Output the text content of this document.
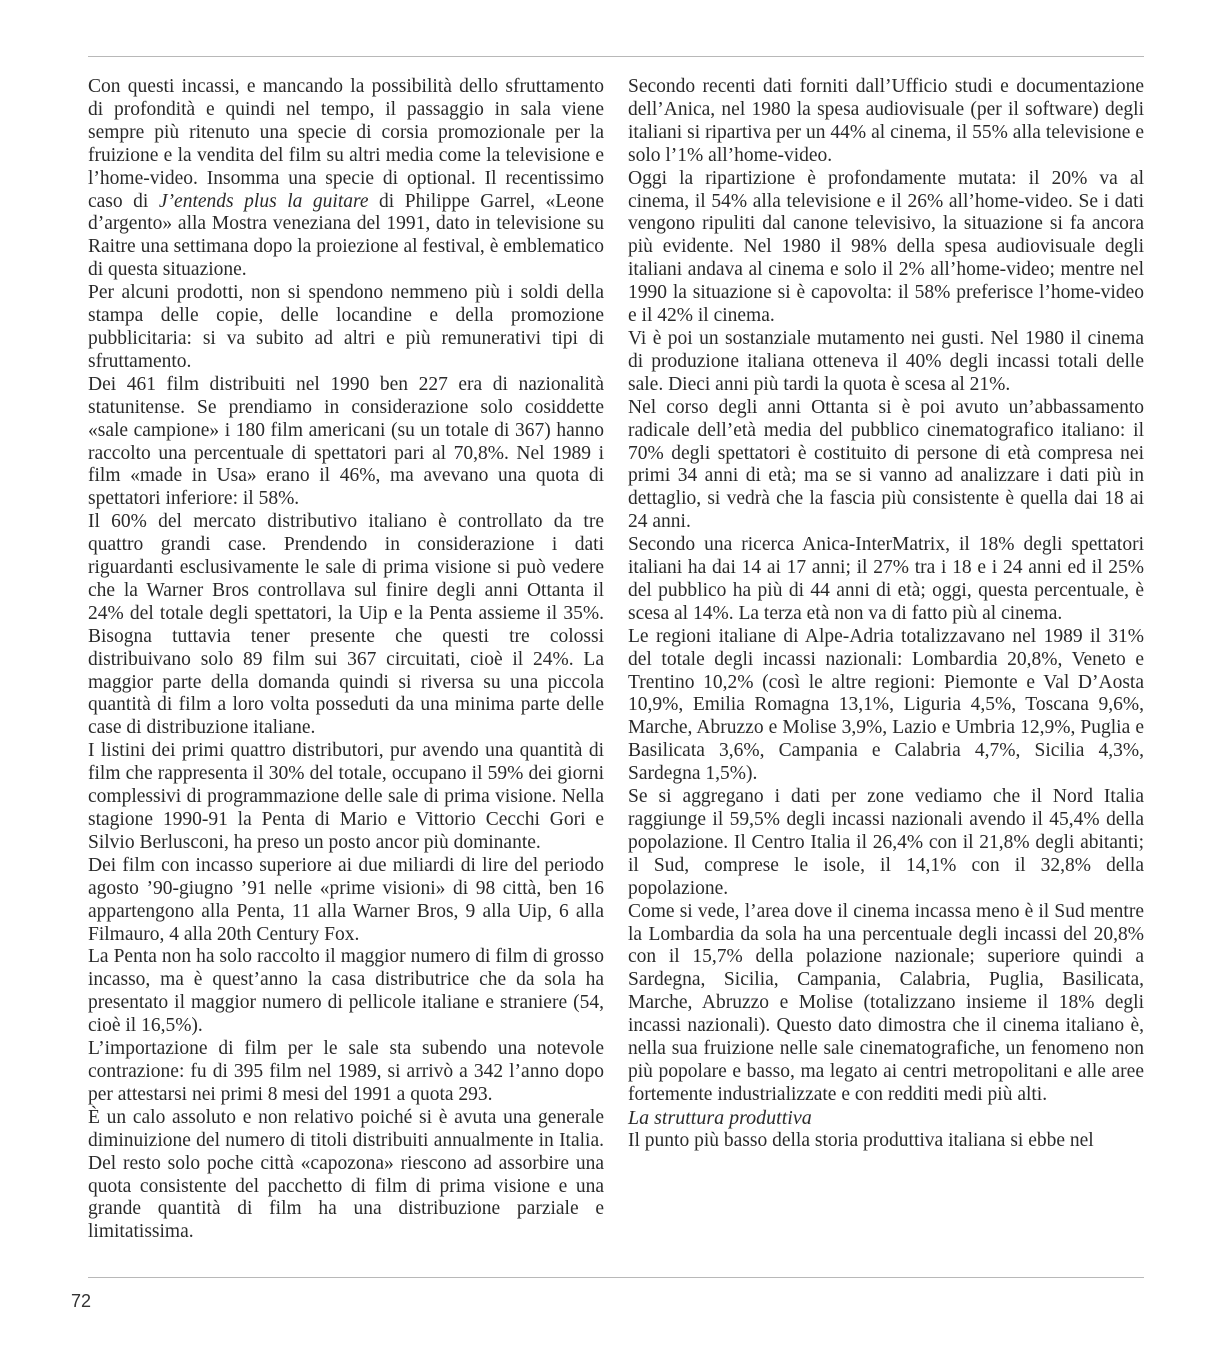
Con questi incassi, e mancando la possibilità dello sfruttamento di profondità e quindi nel tempo, il passaggio in sala viene sempre più ritenuto una specie di corsia promozionale per la fruizione e la vendita del film su altri media come la televisione e l’home-video. Insomma una specie di optional. Il recentissimo caso di J’entends plus la guitare di Philippe Garrel, «Leone d’argento» alla Mostra veneziana del 1991, dato in televisione su Raitre una settimana dopo la proiezione al festival, è emblematico di questa situazione.

Per alcuni prodotti, non si spendono nemmeno più i soldi della stampa delle copie, delle locandine e della promozione pubblicitaria: si va subito ad altri e più remunerativi tipi di sfruttamento.

Dei 461 film distribuiti nel 1990 ben 227 era di nazionalità statunitense. Se prendiamo in considerazione solo cosiddette «sale campione» i 180 film americani (su un totale di 367) hanno raccolto una percentuale di spettatori pari al 70,8%. Nel 1989 i film «made in Usa» erano il 46%, ma avevano una quota di spettatori inferiore: il 58%.

Il 60% del mercato distributivo italiano è controllato da tre quattro grandi case. Prendendo in considerazione i dati riguardanti esclusivamente le sale di prima visione si può vedere che la Warner Bros controllava sul finire degli anni Ottanta il 24% del totale degli spettatori, la Uip e la Penta assieme il 35%. Bisogna tuttavia tener presente che questi tre colossi distribuivano solo 89 film sui 367 circuitati, cioè il 24%. La maggior parte della domanda quindi si riversa su una piccola quantità di film a loro volta posseduti da una minima parte delle case di distribuzione italiane.

I listini dei primi quattro distributori, pur avendo una quantità di film che rappresenta il 30% del totale, occupano il 59% dei giorni complessivi di programmazione delle sale di prima visione. Nella stagione 1990-91 la Penta di Mario e Vittorio Cecchi Gori e Silvio Berlusconi, ha preso un posto ancor più dominante.

Dei film con incasso superiore ai due miliardi di lire del periodo agosto ’90-giugno ’91 nelle «prime visioni» di 98 città, ben 16 appartengono alla Penta, 11 alla Warner Bros, 9 alla Uip, 6 alla Filmauro, 4 alla 20th Century Fox.

La Penta non ha solo raccolto il maggior numero di film di grosso incasso, ma è quest’anno la casa distributrice che da sola ha presentato il maggior numero di pellicole italiane e straniere (54, cioè il 16,5%).

L’importazione di film per le sale sta subendo una notevole contrazione: fu di 395 film nel 1989, si arrivò a 342 l’anno dopo per attestarsi nei primi 8 mesi del 1991 a quota 293.

È un calo assoluto e non relativo poiché si è avuta una generale diminuizione del numero di titoli distribuiti annualmente in Italia. Del resto solo poche città «capozona» riescono ad assorbire una quota consistente del pacchetto di film di prima visione e una grande quantità di film ha una distribuzione parziale e limitatissima.

Secondo recenti dati forniti dall’Ufficio studi e documentazione dell’Anica, nel 1980 la spesa audiovisuale (per il software) degli italiani si ripartiva per un 44% al cinema, il 55% alla televisione e solo l’1% all’home-video.

Oggi la ripartizione è profondamente mutata: il 20% va al cinema, il 54% alla televisione e il 26% all’home-video. Se i dati vengono ripuliti dal canone televisivo, la situazione si fa ancora più evidente. Nel 1980 il 98% della spesa audiovisuale degli italiani andava al cinema e solo il 2% all’home-video; mentre nel 1990 la situazione si è capovolta: il 58% preferisce l’home-video e il 42% il cinema.

Vi è poi un sostanziale mutamento nei gusti. Nel 1980 il cinema di produzione italiana otteneva il 40% degli incassi totali delle sale. Dieci anni più tardi la quota è scesa al 21%.

Nel corso degli anni Ottanta si è poi avuto un’abbassamento radicale dell’età media del pubblico cinematografico italiano: il 70% degli spettatori è costituito di persone di età compresa nei primi 34 anni di età; ma se si vanno ad analizzare i dati più in dettaglio, si vedrà che la fascia più consistente è quella dai 18 ai 24 anni.

Secondo una ricerca Anica-InterMatrix, il 18% degli spettatori italiani ha dai 14 ai 17 anni; il 27% tra i 18 e i 24 anni ed il 25% del pubblico ha più di 44 anni di età; oggi, questa percentuale, è scesa al 14%. La terza età non va di fatto più al cinema.

Le regioni italiane di Alpe-Adria totalizzavano nel 1989 il 31% del totale degli incassi nazionali: Lombardia 20,8%, Veneto e Trentino 10,2% (così le altre regioni: Piemonte e Val D’Aosta 10,9%, Emilia Romagna 13,1%, Liguria 4,5%, Toscana 9,6%, Marche, Abruzzo e Molise 3,9%, Lazio e Umbria 12,9%, Puglia e Basilicata 3,6%, Campania e Calabria 4,7%, Sicilia 4,3%, Sardegna 1,5%).

Se si aggregano i dati per zone vediamo che il Nord Italia raggiunge il 59,5% degli incassi nazionali avendo il 45,4% della popolazione. Il Centro Italia il 26,4% con il 21,8% degli abitanti; il Sud, comprese le isole, il 14,1% con il 32,8% della popolazione.

Come si vede, l’area dove il cinema incassa meno è il Sud mentre la Lombardia da sola ha una percentuale degli incassi del 20,8% con il 15,7% della polazione nazionale; superiore quindi a Sardegna, Sicilia, Campania, Calabria, Puglia, Basilicata, Marche, Abruzzo e Molise (totalizzano insieme il 18% degli incassi nazionali). Questo dato dimostra che il cinema italiano è, nella sua fruizione nelle sale cinematografiche, un fenomeno non più popolare e basso, ma legato ai centri metropolitani e alle aree fortemente industrializzate e con redditi medi più alti.

La struttura produttiva

Il punto più basso della storia produttiva italiana si ebbe nel

72
